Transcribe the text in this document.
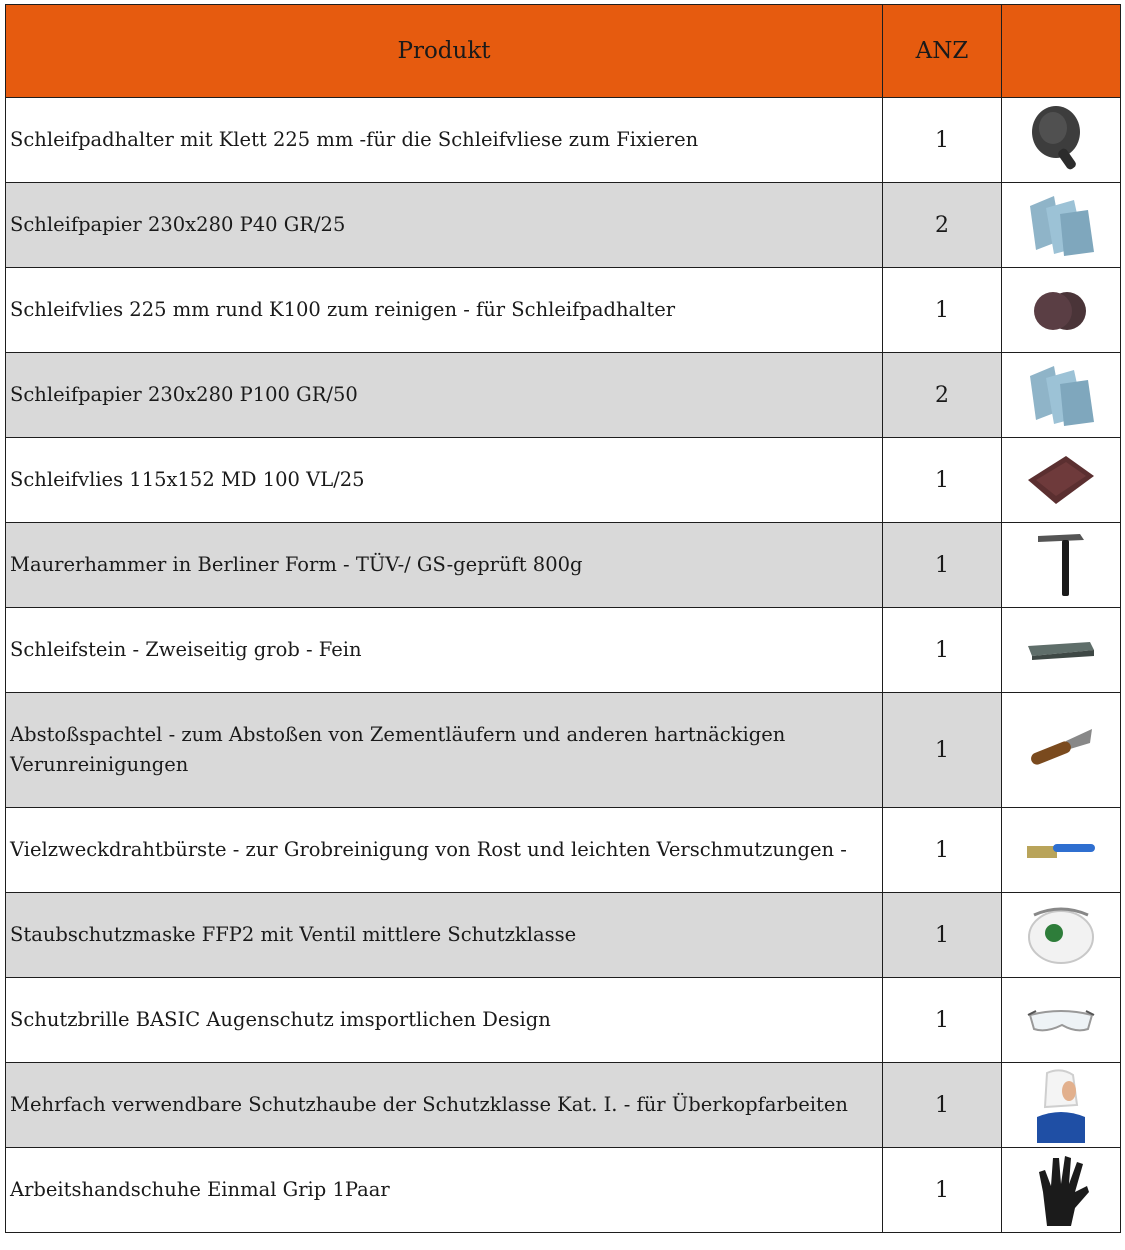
Produkt	ANZ	
Schleifpadhalter mit Klett 225 mm -für die Schleifvliese zum Fixieren	1	

Schleifpapier 230x280 P40 GR/25	2	

Schleifvlies 225 mm rund K100 zum reinigen - für Schleifpadhalter	1	

Schleifpapier 230x280 P100 GR/50	2	

Schleifvlies 115x152 MD 100 VL/25	1	

Maurerhammer in Berliner Form - TÜV-/ GS-geprüft 800g	1	

Schleifstein - Zweiseitig grob - Fein	1	

Abstoßspachtel - zum Abstoßen von Zementläufern und anderen hartnäckigen Verunreinigungen	1	

Vielzweckdrahtbürste - zur Grobreinigung von Rost und leichten Verschmutzungen -	1	

Staubschutzmaske FFP2 mit Ventil mittlere Schutzklasse	1	

Schutzbrille BASIC Augenschutz imsportlichen Design	1	

Mehrfach verwendbare Schutzhaube der Schutzklasse Kat. I. - für Überkopfarbeiten	1	

Arbeitshandschuhe Einmal Grip 1Paar	1	
